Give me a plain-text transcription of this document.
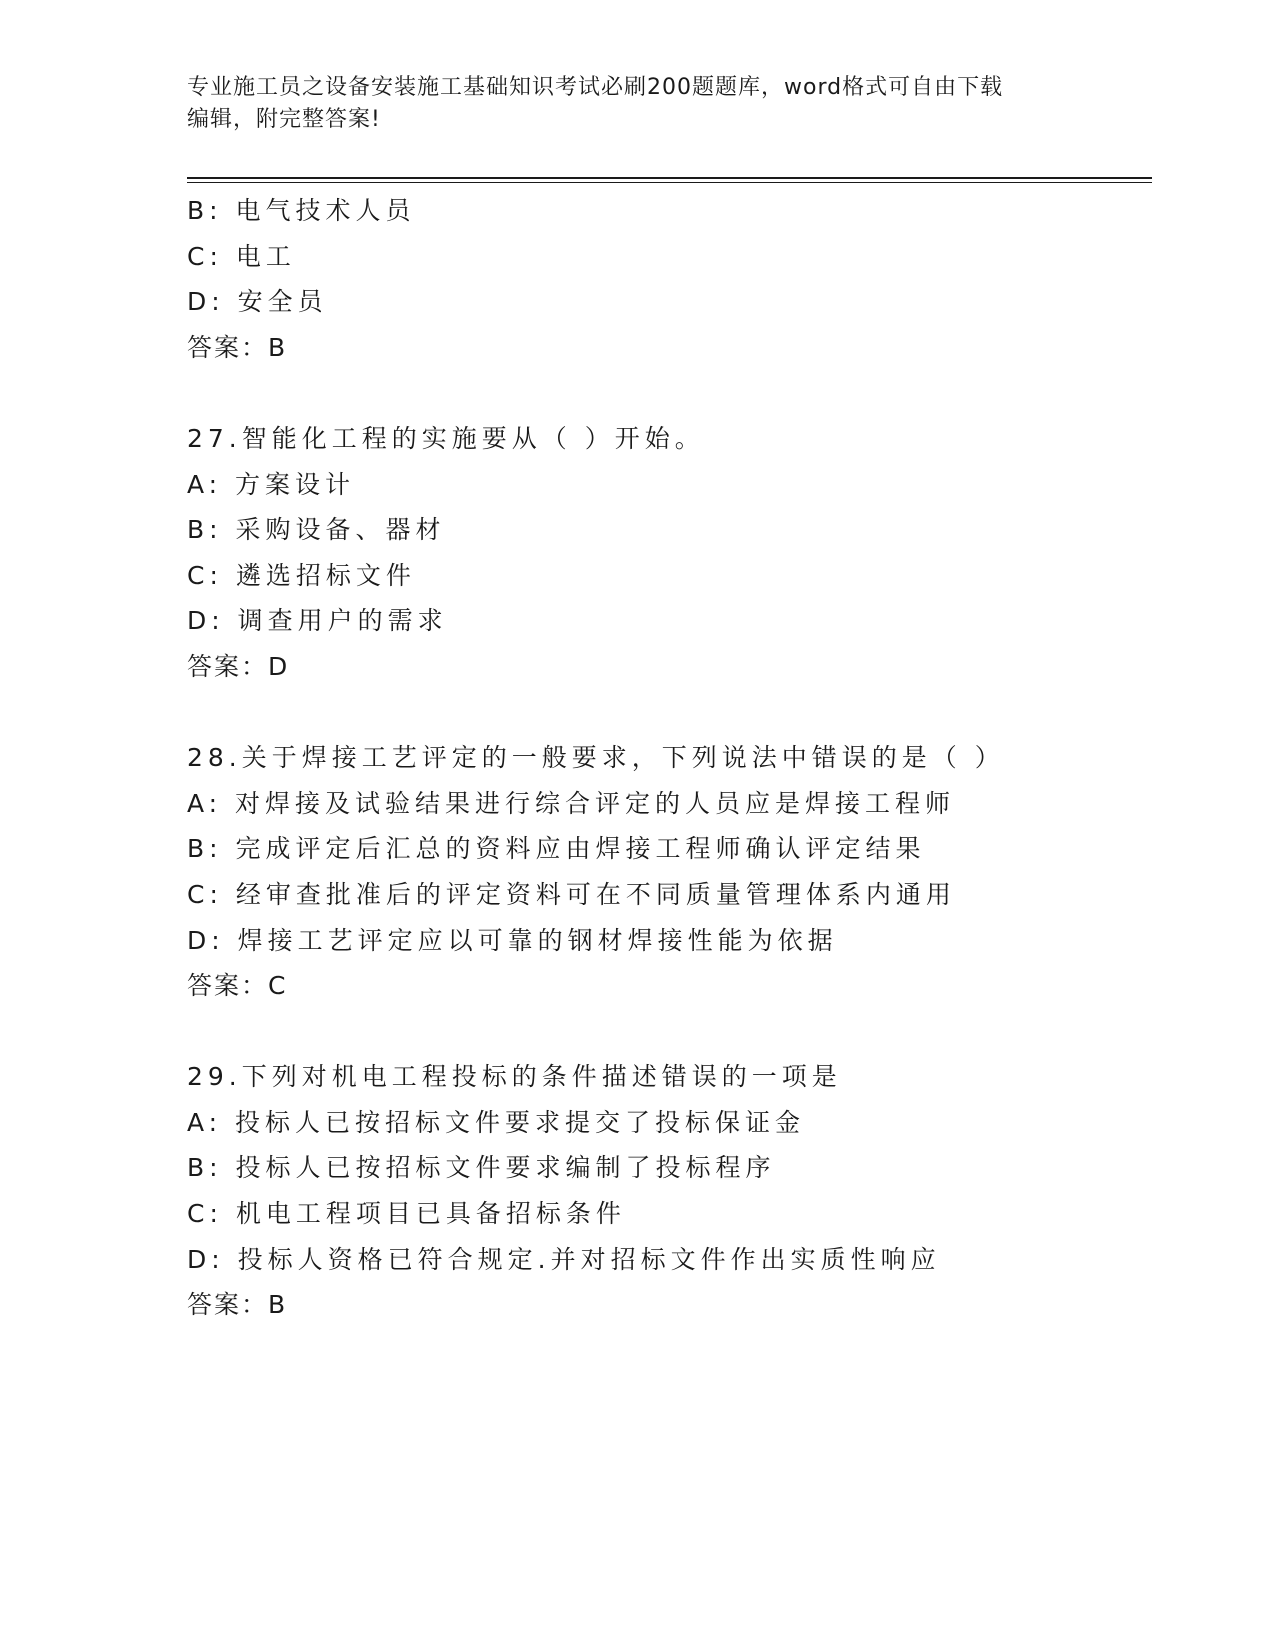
专业施工员之设备安装施工基础知识考试必刷200题题库，word格式可自由下载
编辑，附完整答案!
B: 电气技术人员
C: 电工
D: 安全员
答案：B
27.智能化工程的实施要从（ ）开始。
A: 方案设计
B: 采购设备、器材
C: 遴选招标文件
D: 调查用户的需求
答案：D
28.关于焊接工艺评定的一般要求，下列说法中错误的是（ ）
A: 对焊接及试验结果进行综合评定的人员应是焊接工程师
B: 完成评定后汇总的资料应由焊接工程师确认评定结果
C: 经审查批准后的评定资料可在不同质量管理体系内通用
D: 焊接工艺评定应以可靠的钢材焊接性能为依据
答案：C
29.下列对机电工程投标的条件描述错误的一项是
A: 投标人已按招标文件要求提交了投标保证金
B: 投标人已按招标文件要求编制了投标程序
C: 机电工程项目已具备招标条件
D: 投标人资格已符合规定.并对招标文件作出实质性响应
答案：B
